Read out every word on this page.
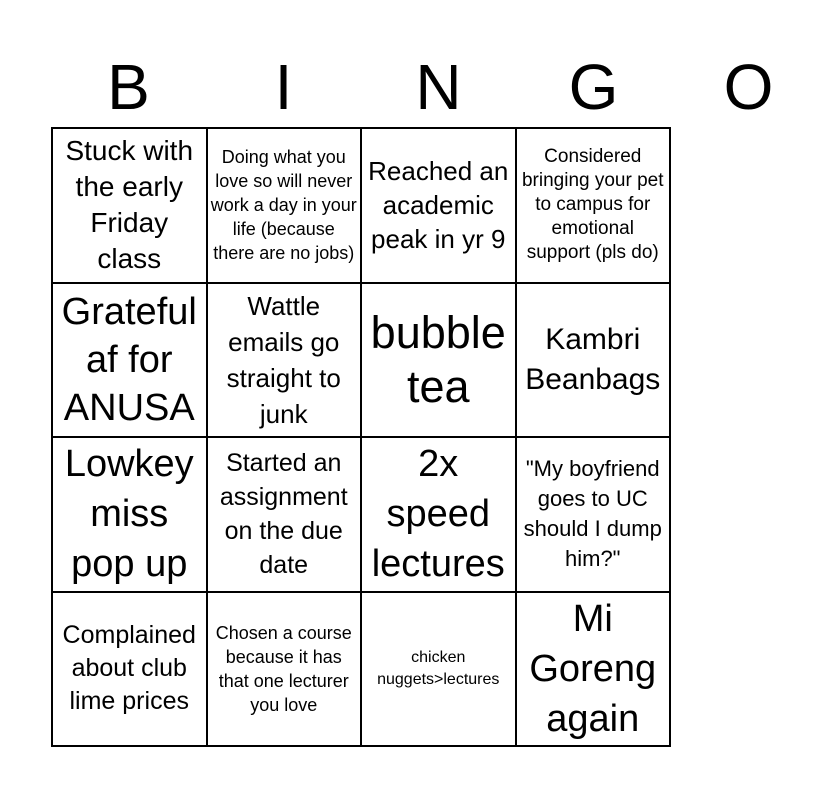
B	I	N	G	O
Stuck with the early Friday class
Doing what you love so will never work a day in your life (because there are no jobs)
Reached an academic peak in yr 9
Considered bringing your pet to campus for emotional support (pls do)
Grateful af for ANUSA
Wattle emails go straight to junk
bubble tea
Kambri Beanbags
Lowkey miss pop up
Started an assignment on the due date
2x speed lectures
"My boyfriend goes to UC should I dump him?"
Complained about club lime prices
Chosen a course because it has that one lecturer you love
chicken nuggets>lectures
Mi Goreng again
